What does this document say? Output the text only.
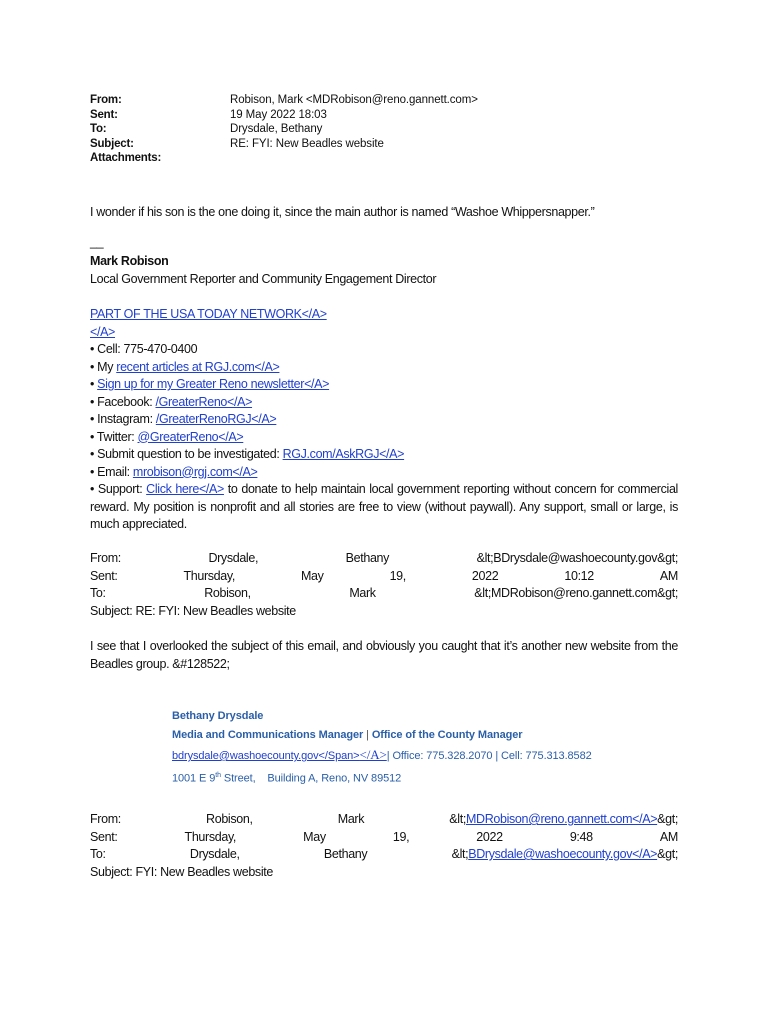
From:	Robison, Mark <MDRobison@reno.gannett.com>
Sent:	19 May 2022 18:03
To:	Drysdale, Bethany
Subject:	RE: FYI: New Beadles website
Attachments:
I wonder if his son is the one doing it, since the main author is named “Washoe Whippersnapper.”
__
Mark Robison
Local Government Reporter and Community Engagement Director
PART OF THE USA TODAY NETWORK</A>
</A>
• Cell: 775-470-0400
• My recent articles at RGJ.com</A>
• Sign up for my Greater Reno newsletter</A>
• Facebook: /GreaterReno</A>
• Instagram: /GreaterRenoRGJ</A>
• Twitter: @GreaterReno</A>
• Submit question to be investigated: RGJ.com/AskRGJ</A>
• Email: mrobison@rgj.com</A>
• Support: Click here</A> to donate to help maintain local government reporting without concern for commercial reward. My position is nonprofit and all stories are free to view (without paywall). Any support, small or large, is much appreciated.
From:	Drysdale,	Bethany	&lt;BDrysdale@washoecounty.gov&gt;
Sent:	Thursday,	May	19,	2022	10:12	AM
To:	Robison,	Mark	&lt;MDRobison@reno.gannett.com&gt;
Subject: RE: FYI: New Beadles website
I see that I overlooked the subject of this email, and obviously you caught that it’s another new website from the Beadles group. &#128522;
Bethany Drysdale
Media and Communications Manager | Office of the County Manager
bdrysdale@washoecounty.gov</Span></A>| Office: 775.328.2070 | Cell: 775.313.8582
1001 E 9th Street,    Building A, Reno, NV 89512
From:	Robison,	Mark	&lt;MDRobison@reno.gannett.com</A>&gt;
Sent:	Thursday,	May	19,	2022	9:48	AM
To:	Drysdale,	Bethany	&lt;BDrysdale@washoecounty.gov</A>&gt;
Subject: FYI: New Beadles website
